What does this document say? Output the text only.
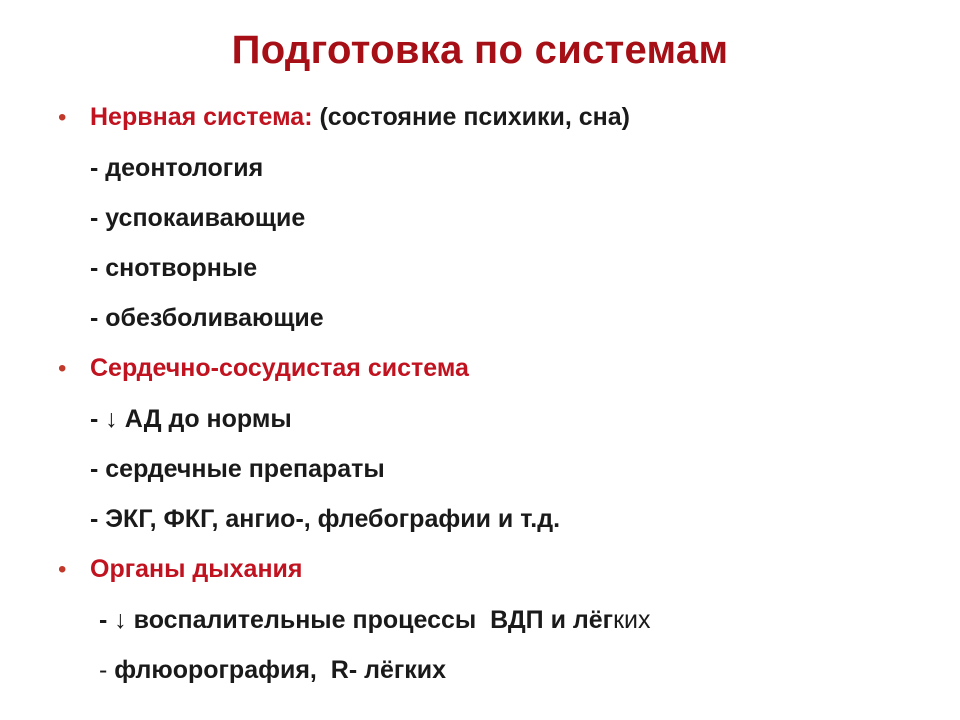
Подготовка по системам
• Нервная система: (состояние психики, сна)
- деонтология
- успокаивающие
- снотворные
- обезболивающие
• Сердечно-сосудистая система
- ↓ АД до нормы
- сердечные препараты
- ЭКГ, ФКГ, ангио-, флебографии и т.д.
• Органы дыхания
- ↓ воспалительные процессы  ВДП и лёгких
- флюорография,  R- лёгких
